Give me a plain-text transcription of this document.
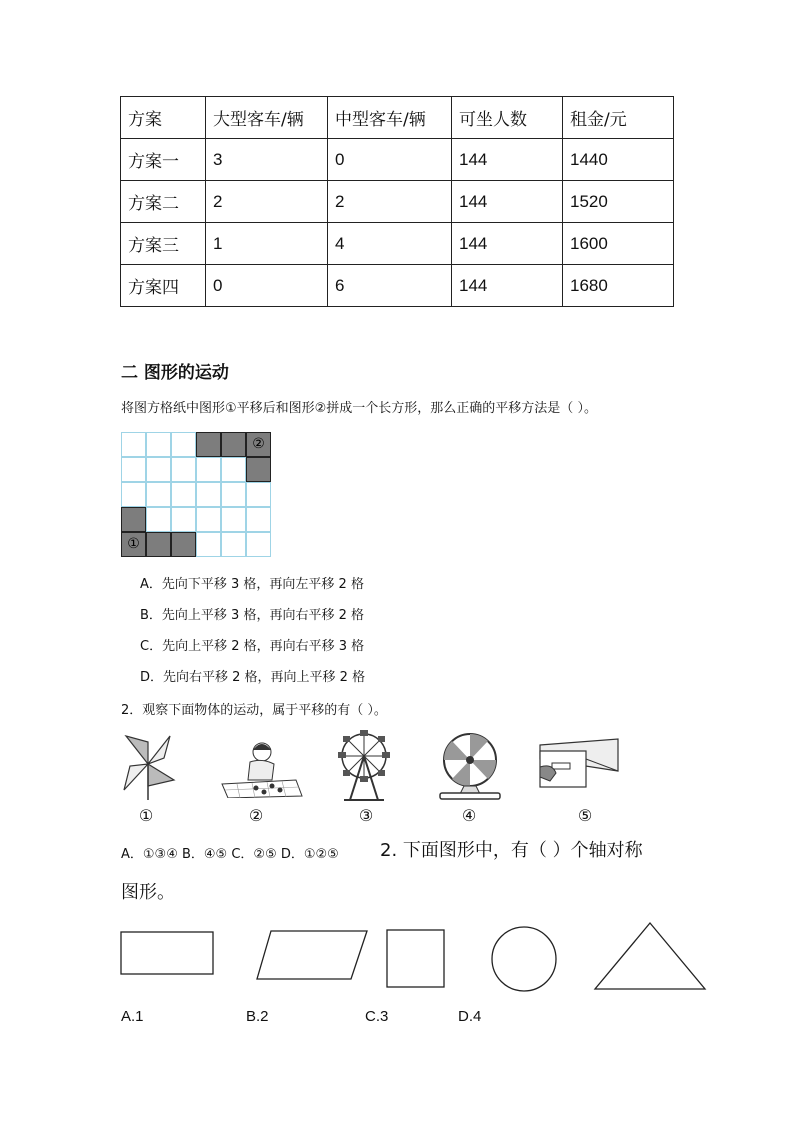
方案	大型客车/辆	中型客车/辆	可坐人数	租金/元
方案一	3	0	144	1440
方案二	2	2	144	1520
方案三	1	4	144	1600
方案四	0	6	144	1680
二 图形的运动
将图方格纸中图形①平移后和图形②拼成一个长方形，那么正确的平移方法是（ ）。
②
①
A．先向下平移 3 格，再向左平移 2 格
B．先向上平移 3 格，再向右平移 2 格
C．先向上平移 2 格，再向右平移 3 格
D．先向右平移 2 格，再向上平移 2 格
2．观察下面物体的运动，属于平移的有（ ）。
①	②	③	④	⑤
A．①③④ B．④⑤ C．②⑤ D．①②⑤ 2. 下面图形中，有（ ）个轴对称
图形。
A.1	B.2	C.3	D.4
